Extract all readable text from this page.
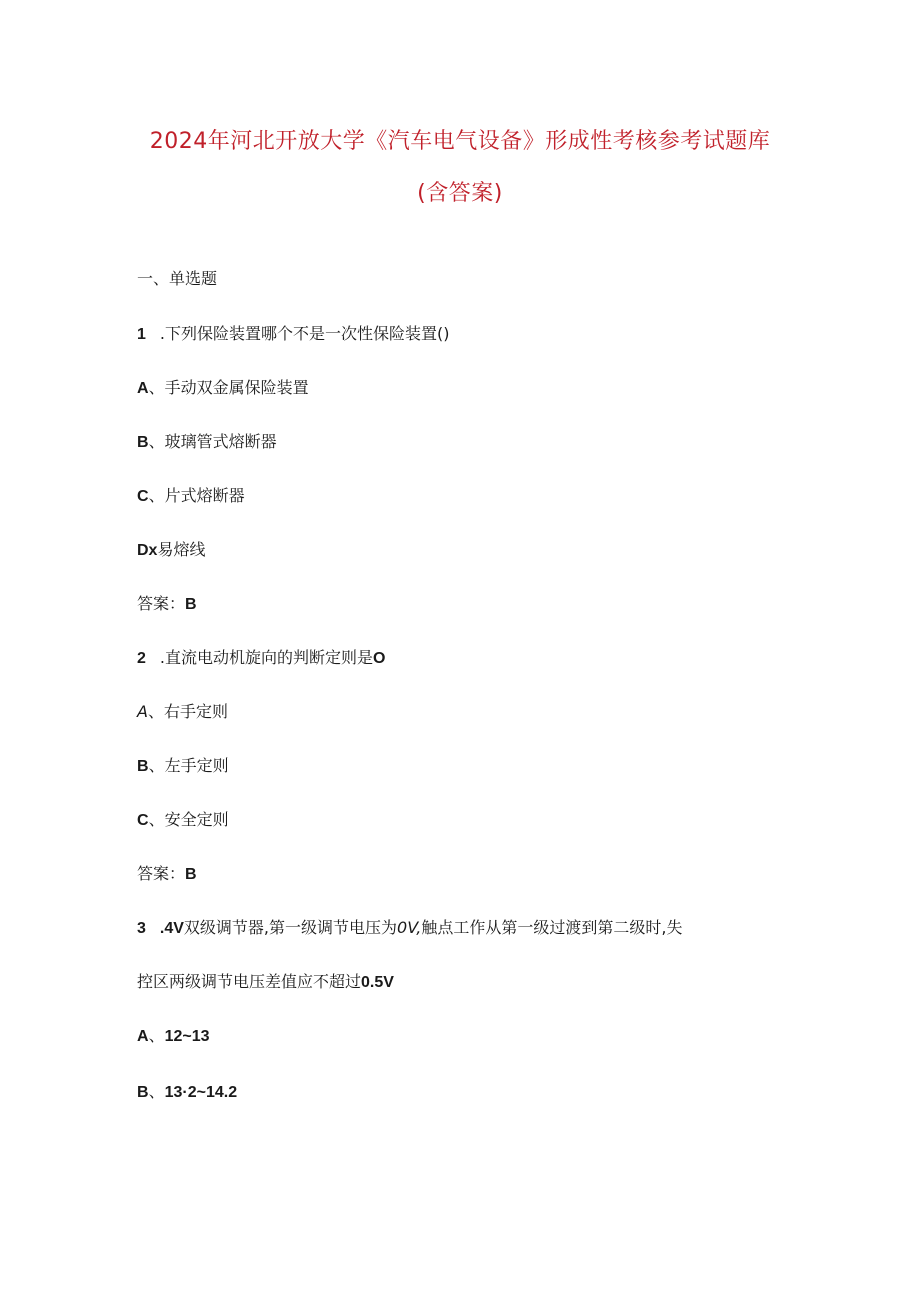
2024年河北开放大学《汽车电气设备》形成性考核参考试题库
(含答案)
一、单选题
1 .下列保险装置哪个不是一次性保险装置()
A、手动双金属保险装置
B、玻璃管式熔断器
C、片式熔断器
Dx易熔线
答案：B
2 .直流电动机旋向的判断定则是O
A、右手定则
B、左手定则
C、安全定则
答案：B
3 .4V双级调节器,第一级调节电压为0V,触点工作从第一级过渡到第二级时,失
控区两级调节电压差值应不超过0.5V
A、12~13
B、13·2~14.2
